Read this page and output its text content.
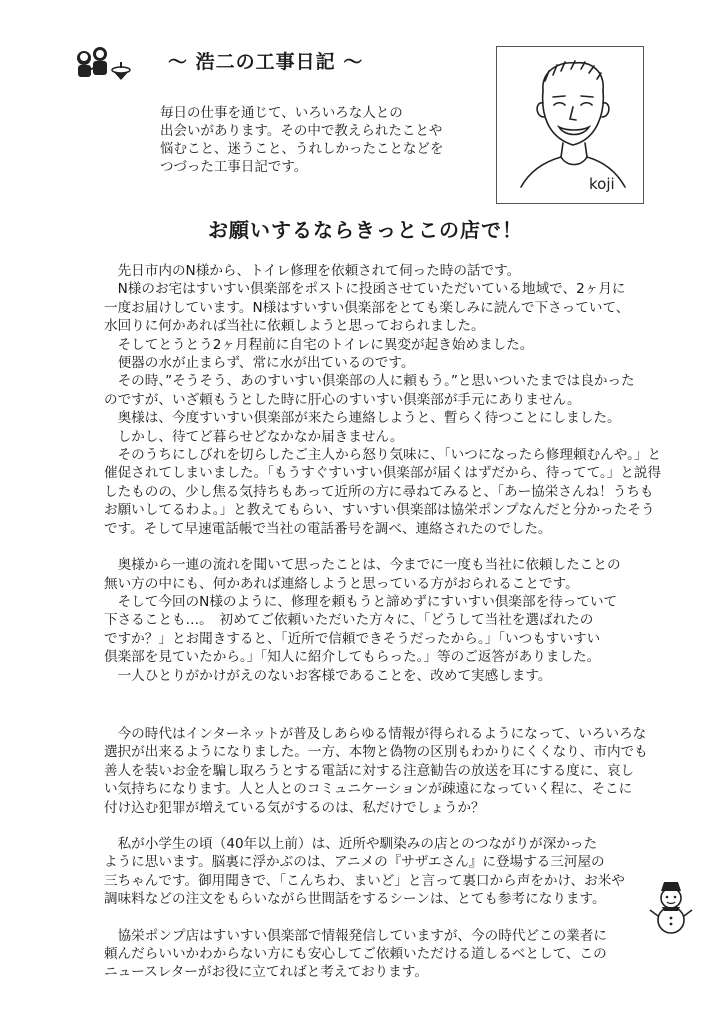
～ 浩二の工事日記 ～

毎日の仕事を通じて、いろいろな人との

出会いがあります。その中で教えられたことや

悩むこと、迷うこと、うれしかったことなどを

つづった工事日記です。

koji
お願いするならきっとこの店で！

　先日市内のN様から、トイレ修理を依頼されて伺った時の話です。

　N様のお宅はすいすい倶楽部をポストに投函させていただいている地域で、2ヶ月に

一度お届けしています。N様はすいすい倶楽部をとても楽しみに読んで下さっていて、

水回りに何かあれば当社に依頼しようと思っておられました。

　そしてとうとう2ヶ月程前に自宅のトイレに異変が起き始めました。

　便器の水が止まらず、常に水が出ているのです。

　その時、”そうそう、あのすいすい倶楽部の人に頼もう。”と思いついたまでは良かった

のですが、いざ頼もうとした時に肝心のすいすい倶楽部が手元にありません。

　奥様は、今度すいすい倶楽部が来たら連絡しようと、暫らく待つことにしました。

　しかし、待てど暮らせどなかなか届きません。

　そのうちにしびれを切らしたご主人から怒り気味に、「いつになったら修理頼むんや。」と

催促されてしまいました。「もうすぐすいすい倶楽部が届くはずだから、待ってて。」と説得

したものの、少し焦る気持ちもあって近所の方に尋ねてみると、「あー協栄さんね！うちも

お願いしてるわよ。」と教えてもらい、すいすい倶楽部は協栄ポンプなんだと分かったそう

です。そして早速電話帳で当社の電話番号を調べ、連絡されたのでした。

　奥様から一連の流れを聞いて思ったことは、今までに一度も当社に依頼したことの

無い方の中にも、何かあれば連絡しようと思っている方がおられることです。

　そして今回のN様のように、修理を頼もうと諦めずにすいすい倶楽部を待っていて

下さることも…。　初めてご依頼いただいた方々に、「どうして当社を選ばれたの

ですか？」とお聞きすると、「近所で信頼できそうだったから。」「いつもすいすい

倶楽部を見ていたから。」「知人に紹介してもらった。」等のご返答がありました。

　一人ひとりがかけがえのないお客様であることを、改めて実感します。

　今の時代はインターネットが普及しあらゆる情報が得られるようになって、いろいろな

選択が出来るようになりました。一方、本物と偽物の区別もわかりにくくなり、市内でも

善人を装いお金を騙し取ろうとする電話に対する注意勧告の放送を耳にする度に、哀し

い気持ちになります。人と人とのコミュニケーションが疎遠になっていく程に、そこに

付け込む犯罪が増えている気がするのは、私だけでしょうか？

　私が小学生の頃（40年以上前）は、近所や馴染みの店とのつながりが深かった

ように思います。脳裏に浮かぶのは、アニメの『サザエさん』に登場する三河屋の

三ちゃんです。御用聞きで、「こんちわ、まいど」と言って裏口から声をかけ、お米や

調味料などの注文をもらいながら世間話をするシーンは、とても参考になります。

　協栄ポンプ店はすいすい倶楽部で情報発信していますが、今の時代どこの業者に

頼んだらいいかわからない方にも安心してご依頼いただける道しるべとして、この

ニュースレターがお役に立てればと考えております。
